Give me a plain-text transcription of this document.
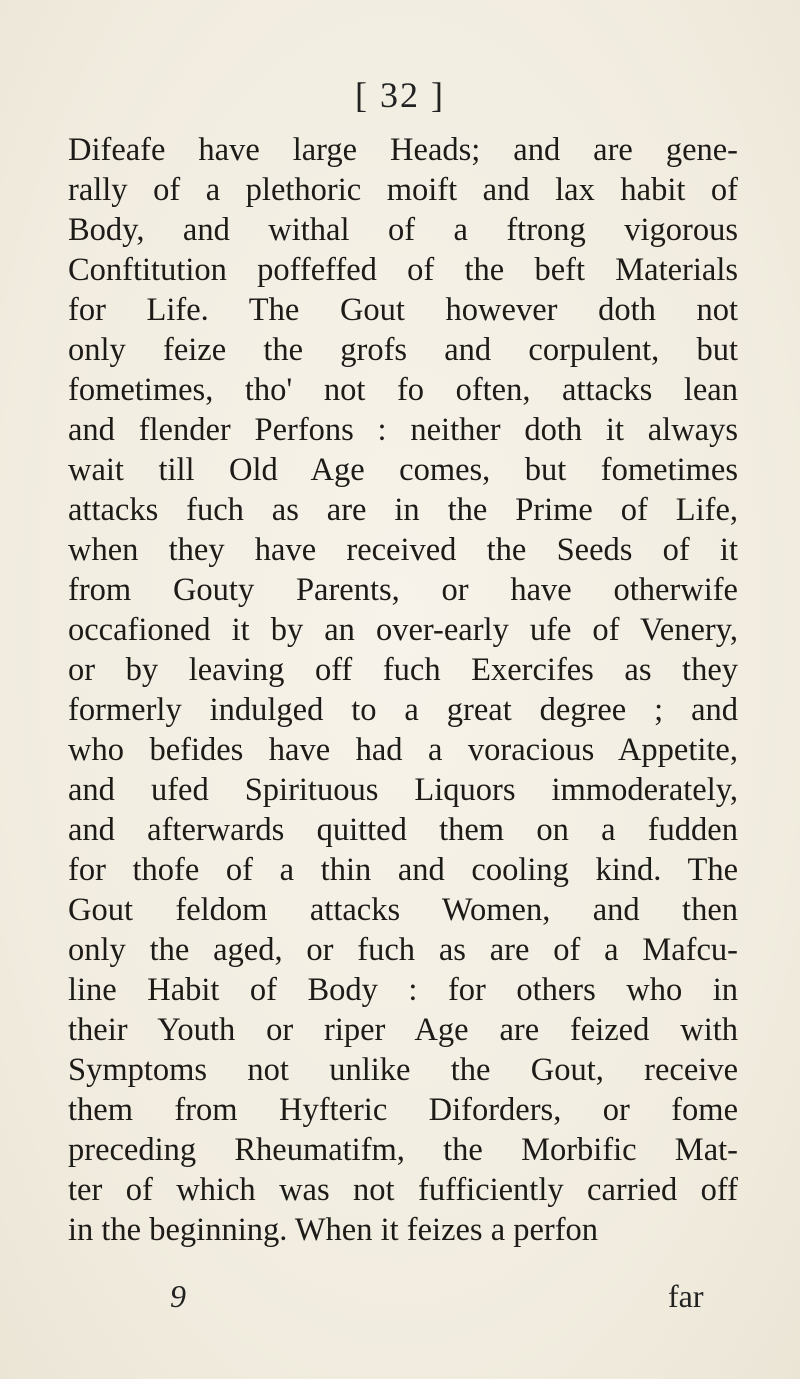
[ 32 ]
Difeafe have large Heads; and are gene-
rally of a plethoric moift and lax habit of
Body, and withal of a ftrong vigorous
Conftitution poffeffed of the beft Materials
for Life. The Gout however doth not
only feize the grofs and corpulent, but
fometimes, tho' not fo often, attacks lean
and flender Perfons : neither doth it always
wait till Old Age comes, but fometimes
attacks fuch as are in the Prime of Life,
when they have received the Seeds of it
from Gouty Parents, or have otherwife
occafioned it by an over-early ufe of Venery,
or by leaving off fuch Exercifes as they
formerly indulged to a great degree ; and
who befides have had a voracious Appetite,
and ufed Spirituous Liquors immoderately,
and afterwards quitted them on a fudden
for thofe of a thin and cooling kind. The
Gout feldom attacks Women, and then
only the aged, or fuch as are of a Mafcu-
line Habit of Body : for others who in
their Youth or riper Age are feized with
Symptoms not unlike the Gout, receive
them from Hyfteric Diforders, or fome
preceding Rheumatifm, the Morbific Mat-
ter of which was not fufficiently carried off
in the beginning. When it feizes a perfon
9	far
